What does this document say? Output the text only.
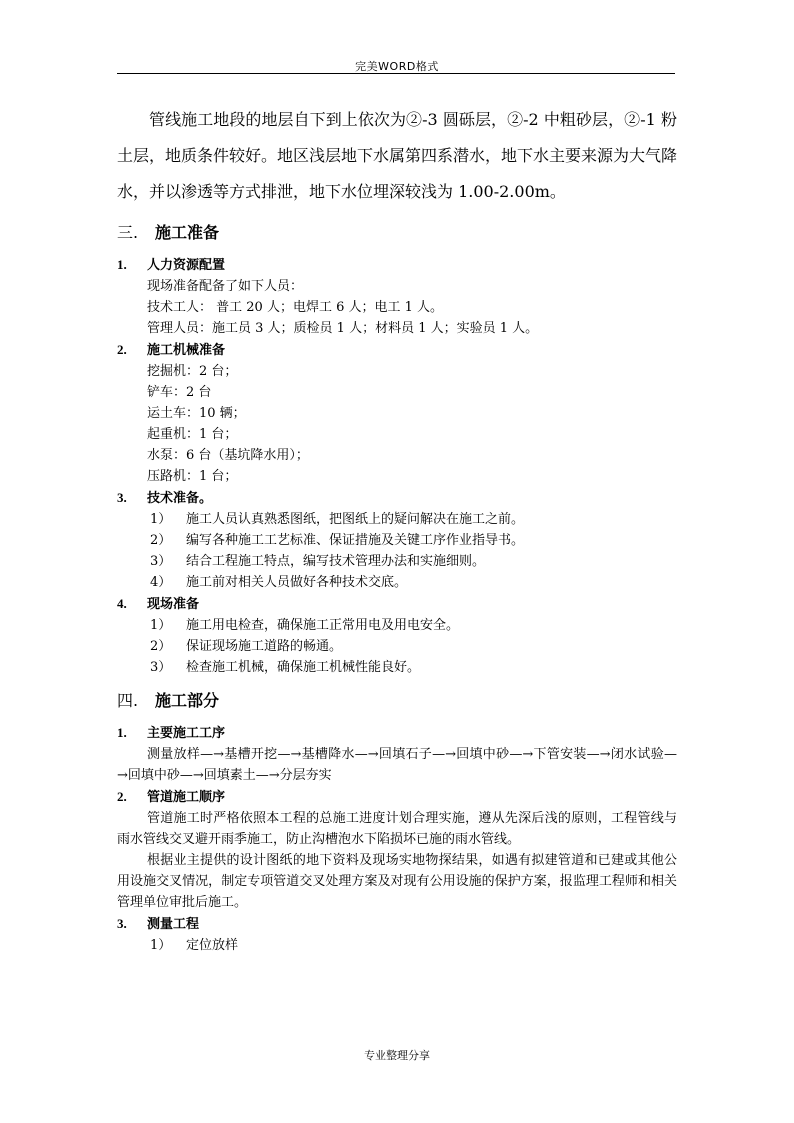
完美WORD格式

管线施工地段的地层自下到上依次为②-3 圆砾层，②-2 中粗砂层，②-1 粉土层，地质条件较好。地区浅层地下水属第四系潜水，地下水主要来源为大气降水，并以渗透等方式排泄，地下水位埋深较浅为 1.00-2.00m。

三. 施工准备
1. 人力资源配置

现场准备配备了如下人员：

技术工人： 普工 20 人；电焊工 6 人；电工 1 人。

管理人员：施工员 3 人；质检员 1 人；材料员 1 人；实验员 1 人。

2. 施工机械准备

挖掘机：2 台；

铲车：2 台

运土车：10 辆；

起重机：1 台；

水泵：6 台（基坑降水用）；

压路机：1 台；

3. 技术准备。

1） 施工人员认真熟悉图纸，把图纸上的疑问解决在施工之前。

2） 编写各种施工工艺标准、保证措施及关键工序作业指导书。

3） 结合工程施工特点，编写技术管理办法和实施细则。

4） 施工前对相关人员做好各种技术交底。

4. 现场准备

1） 施工用电检查，确保施工正常用电及用电安全。

2） 保证现场施工道路的畅通。

3） 检查施工机械，确保施工机械性能良好。

四. 施工部分
1. 主要施工工序

测量放样—→基槽开挖—→基槽降水—→回填石子—→回填中砂—→下管安装—→闭水试验—→回填中砂—→回填素土—→分层夯实

2. 管道施工顺序

管道施工时严格依照本工程的总施工进度计划合理实施，遵从先深后浅的原则，工程管线与雨水管线交叉避开雨季施工，防止沟槽泡水下陷损坏已施的雨水管线。

根据业主提供的设计图纸的地下资料及现场实地物探结果，如遇有拟建管道和已建或其他公用设施交叉情况，制定专项管道交叉处理方案及对现有公用设施的保护方案，报监理工程师和相关管理单位审批后施工。

3. 测量工程

1） 定位放样

专业整理分享
